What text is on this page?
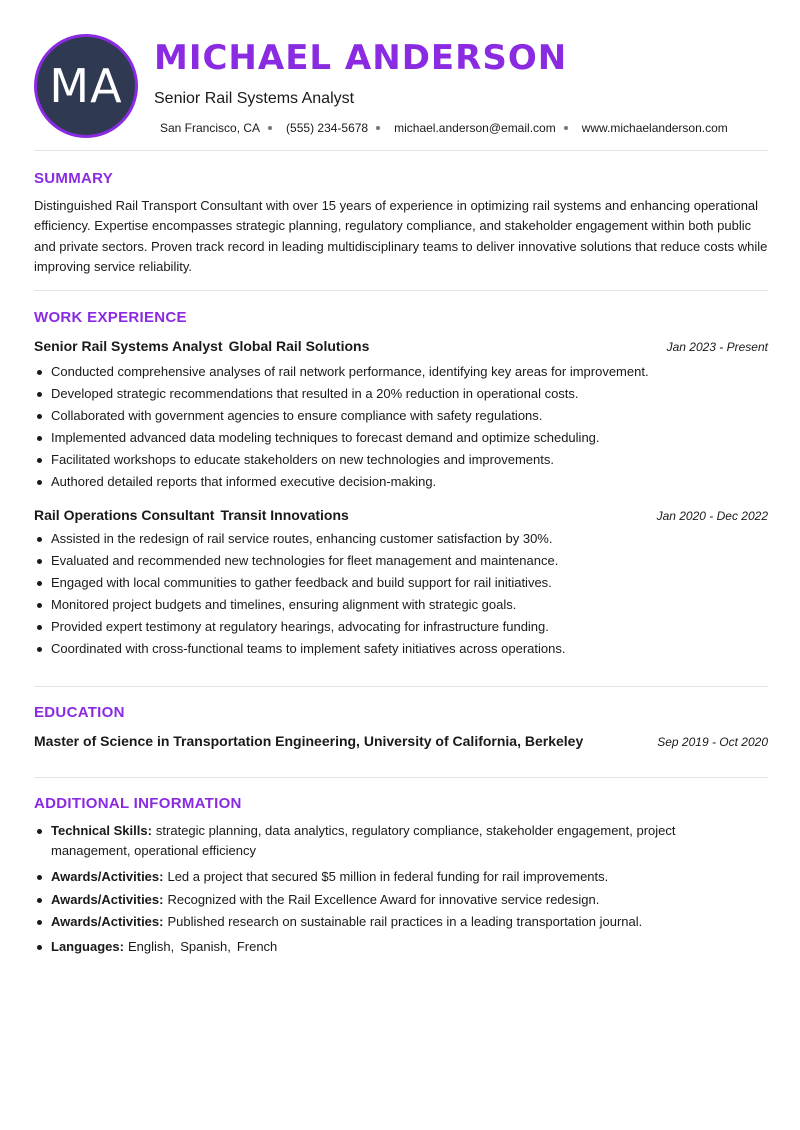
MA
MICHAEL ANDERSON
Senior Rail Systems Analyst
San Francisco, CA (555) 234-5678 michael.anderson@email.com www.michaelanderson.com
SUMMARY
Distinguished Rail Transport Consultant with over 15 years of experience in optimizing rail systems and enhancing operational efficiency. Expertise encompasses strategic planning, regulatory compliance, and stakeholder engagement within both public and private sectors. Proven track record in leading multidisciplinary teams to deliver innovative solutions that reduce costs while improving service reliability.
WORK EXPERIENCE
Senior Rail Systems Analyst Global Rail Solutions	Jan 2023 - Present
Conducted comprehensive analyses of rail network performance, identifying key areas for improvement.
Developed strategic recommendations that resulted in a 20% reduction in operational costs.
Collaborated with government agencies to ensure compliance with safety regulations.
Implemented advanced data modeling techniques to forecast demand and optimize scheduling.
Facilitated workshops to educate stakeholders on new technologies and improvements.
Authored detailed reports that informed executive decision-making.
Rail Operations Consultant Transit Innovations	Jan 2020 - Dec 2022
Assisted in the redesign of rail service routes, enhancing customer satisfaction by 30%.
Evaluated and recommended new technologies for fleet management and maintenance.
Engaged with local communities to gather feedback and build support for rail initiatives.
Monitored project budgets and timelines, ensuring alignment with strategic goals.
Provided expert testimony at regulatory hearings, advocating for infrastructure funding.
Coordinated with cross-functional teams to implement safety initiatives across operations.
EDUCATION
Master of Science in Transportation Engineering, University of California, Berkeley	Sep 2019 - Oct 2020
ADDITIONAL INFORMATION
Technical Skills: strategic planning, data analytics, regulatory compliance, stakeholder engagement, project management, operational efficiency
Awards/Activities: Led a project that secured $5 million in federal funding for rail improvements.
Awards/Activities: Recognized with the Rail Excellence Award for innovative service redesign.
Awards/Activities: Published research on sustainable rail practices in a leading transportation journal.
Languages: English, Spanish, French
